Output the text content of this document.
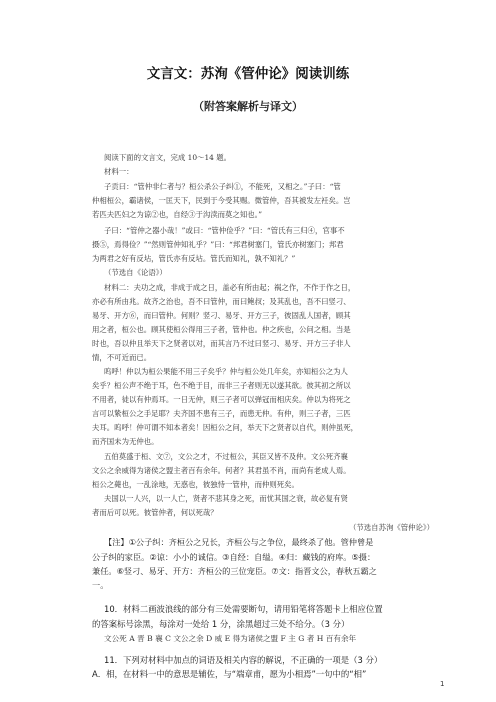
文言文：苏洵《管仲论》阅读训练
（附答案解析与译文）
阅读下面的文言文，完成 10～14 题。
材料一：
子贡曰：“管仲非仁者与？桓公杀公子纠①，不能死，又相之。”子曰：“管
仲相桓公，霸诸侯，一匡天下，民到于今受其赐。微管仲，吾其被发左衽矣。岂
若匹夫匹妇之为谅②也，自经③于沟渎而莫之知也。”
子曰：“管仲之器小哉！”或曰：“管仲俭乎？”曰：“管氏有三归④，官事不
摄⑤，焉得俭？”“然则管仲知礼乎？”曰：“邦君树塞门，管氏亦树塞门；邦君
为两君之好有反坫，管氏亦有反坫。管氏而知礼，孰不知礼？”
（节选自《论语》）
材料二：夫功之成，非成于成之日，盖必有所由起；祸之作，不作于作之日，
亦必有所由兆。故齐之治也，吾不曰管仲，而曰鲍叔；及其乱也，吾不曰竖刁、
易牙、开方⑥，而曰管仲。何则？竖刁、易牙、开方三子，彼固乱人国者，顾其
用之者，桓公也。顾其使桓公得用三子者，管仲也。仲之疾也，公问之相。当是
时也，吾以仲且举天下之贤者以对，而其言乃不过曰竖刁、易牙、开方三子非人
情，不可近而已。
呜呼！仲以为桓公果能不用三子矣乎？仲与桓公处几年矣，亦知桓公之为人
矣乎？桓公声不绝于耳，色不绝于目，而非三子者则无以遂其欲。彼其初之所以
不用者，徒以有仲焉耳。一日无仲，则三子者可以弹冠而相庆矣。仲以为将死之
言可以絷桓公之手足耶？夫齐国不患有三子，而患无仲。有仲，则三子者，三匹
夫耳。呜呼！仲可谓不知本者矣！因桓公之问，举天下之贤者以自代，则仲虽死，
而齐国未为无仲也。
五伯莫盛于桓、文⑦，文公之才，不过桓公，其臣又皆不及仲。文公死齐襄
文公之余威得为诸侯之盟主者百有余年。何者？其君虽不肖，而尚有老成人焉。
桓公之薨也，一乱涂地，无惑也，彼独恃一管仲，而仲则死矣。
夫国以一人兴，以一人亡，贤者不悲其身之死，而忧其国之衰，故必复有贤
者而后可以死。彼管仲者，何以死哉？
（节选自苏洵《管仲论》）
【注】①公子纠：齐桓公之兄长，齐桓公与之争位，最终杀了他。管仲曾是
公子纠的家臣。②谅：小小的诚信。③自经：自缢。④归：藏钱的府库。⑤摄：
兼任。⑥竖刁、易牙、开方：齐桓公的三位宠臣。⑦文：指晋文公，春秋五霸之
一。
10．材料二画波浪线的部分有三处需要断句，请用铅笔将答题卡上相应位置
的答案标号涂黑，每涂对一处给 1 分，涂黑超过三处不给分。（3 分）
文公死 A 晋 B 襄 C 文公之余 D 威 E 得为诸侯之盟 F 主 G 者 H 百有余年
11．下列对材料中加点的词语及相关内容的解说，不正确的一项是（3 分）
A．相，在材料一中的意思是辅佐，与“端章甫，愿为小相焉”一句中的“相”
1
